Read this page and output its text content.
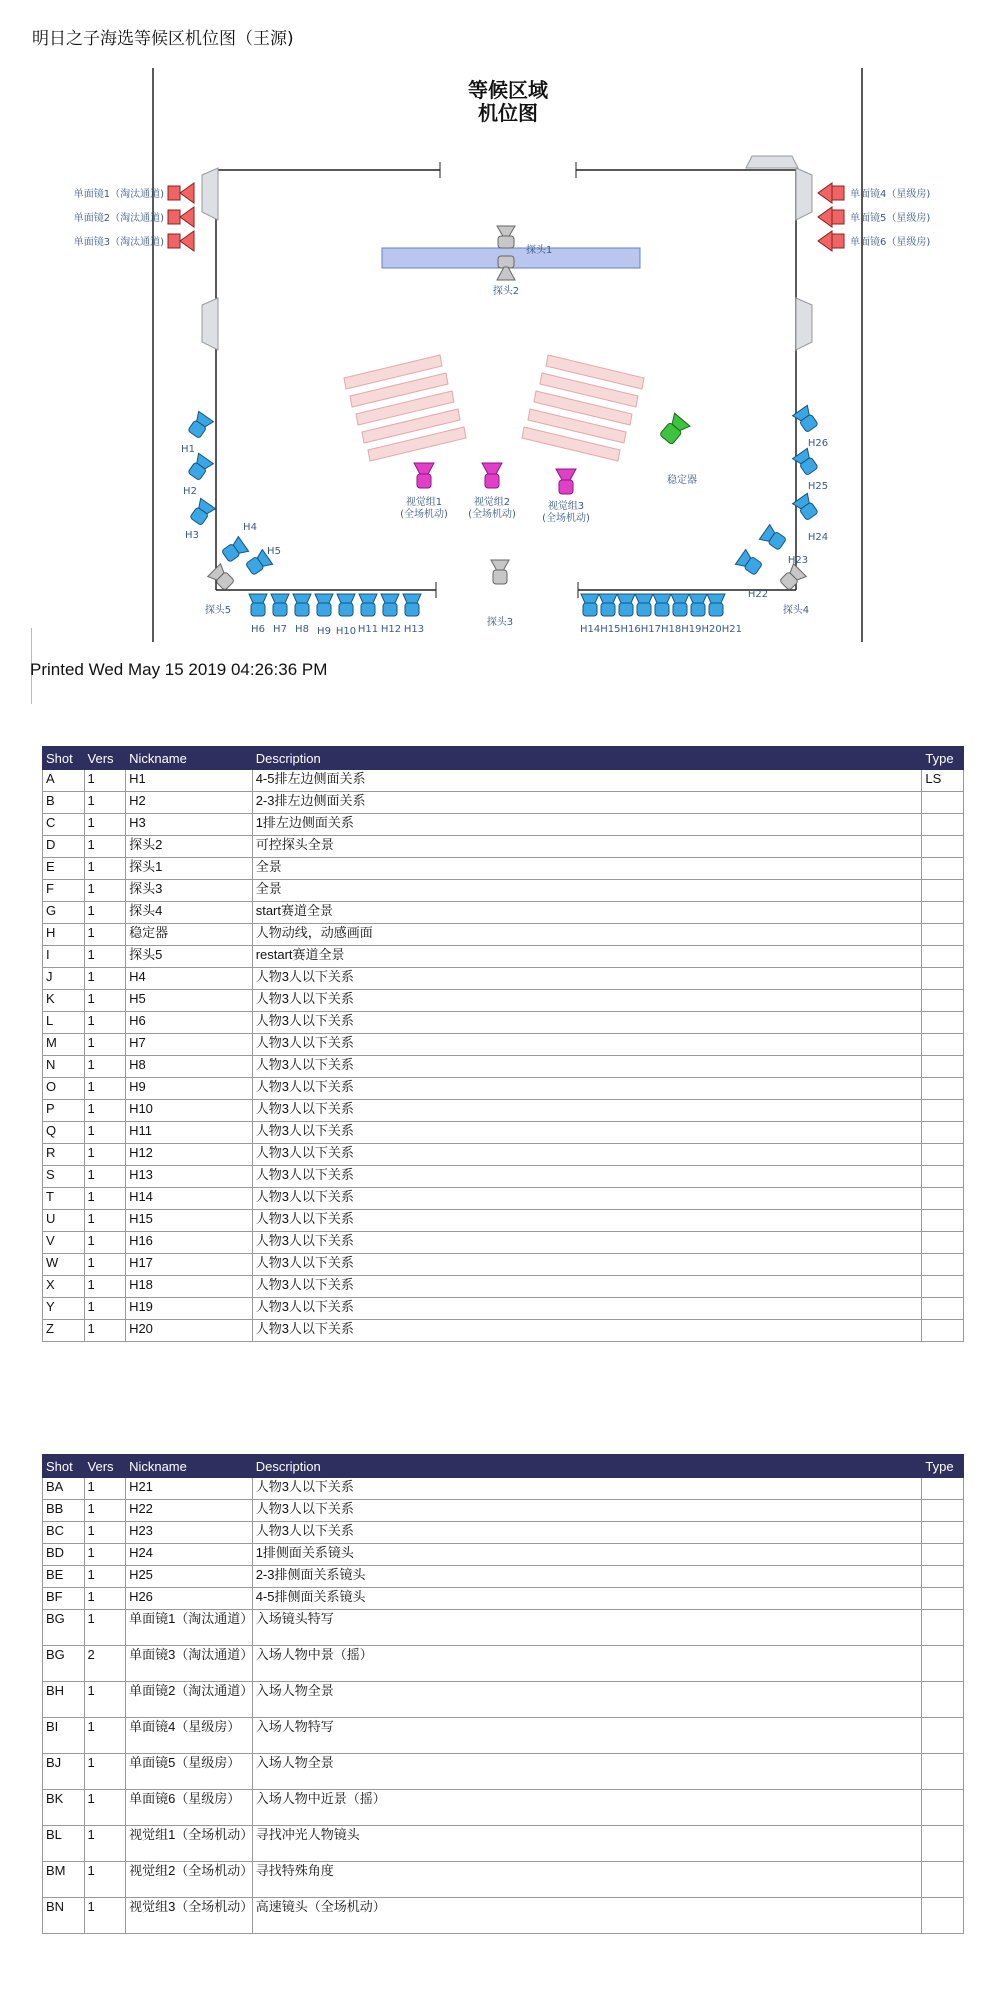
明日之子海选等候区机位图（王源)
等候区域
机位图
探头1
探头2
视觉组1
(全场机动)
视觉组2
(全场机动)
视觉组3
(全场机动)
稳定器
探头3
探头5	探头4
单面镜1（淘汰通道)
单面镜2（淘汰通道)
单面镜3（淘汰通道)
单面镜4（星级房)
单面镜5（星级房)
单面镜6（星级房)
H1
H2
H3
H4
H5
H6 H7 H8 H9 H10 H11 H12 H13	H14H15H16H17H18H19H20H21
H22
H23
H24
H25
H26
Printed Wed May 15 2019 04:26:36 PM
Shot	Vers	Nickname	Description	Type
A	1	H1	4-5排左边侧面关系	LS
B	1	H2	2-3排左边侧面关系	
C	1	H3	1排左边侧面关系	
D	1	探头2	可控探头全景	
E	1	探头1	全景	
F	1	探头3	全景	
G	1	探头4	start赛道全景	
H	1	稳定器	人物动线，动感画面	
I	1	探头5	restart赛道全景	
J	1	H4	人物3人以下关系	
K	1	H5	人物3人以下关系	
L	1	H6	人物3人以下关系	
M	1	H7	人物3人以下关系	
N	1	H8	人物3人以下关系	
O	1	H9	人物3人以下关系	
P	1	H10	人物3人以下关系	
Q	1	H11	人物3人以下关系	
R	1	H12	人物3人以下关系	
S	1	H13	人物3人以下关系	
T	1	H14	人物3人以下关系	
U	1	H15	人物3人以下关系	
V	1	H16	人物3人以下关系	
W	1	H17	人物3人以下关系	
X	1	H18	人物3人以下关系	
Y	1	H19	人物3人以下关系	
Z	1	H20	人物3人以下关系	
Shot	Vers	Nickname	Description	Type
BA	1	H21	人物3人以下关系	
BB	1	H22	人物3人以下关系	
BC	1	H23	人物3人以下关系	
BD	1	H24	1排侧面关系镜头	
BE	1	H25	2-3排侧面关系镜头	
BF	1	H26	4-5排侧面关系镜头	
BG	1	单面镜1（淘汰通道）	入场镜头特写	
BG	2	单面镜3（淘汰通道）	入场人物中景（摇）	
BH	1	单面镜2（淘汰通道）	入场人物全景	
BI	1	单面镜4（星级房）	入场人物特写	
BJ	1	单面镜5（星级房）	入场人物全景	
BK	1	单面镜6（星级房）	入场人物中近景（摇）	
BL	1	视觉组1（全场机动）	寻找冲光人物镜头	
BM	1	视觉组2（全场机动）	寻找特殊角度	
BN	1	视觉组3（全场机动）	高速镜头（全场机动）	
